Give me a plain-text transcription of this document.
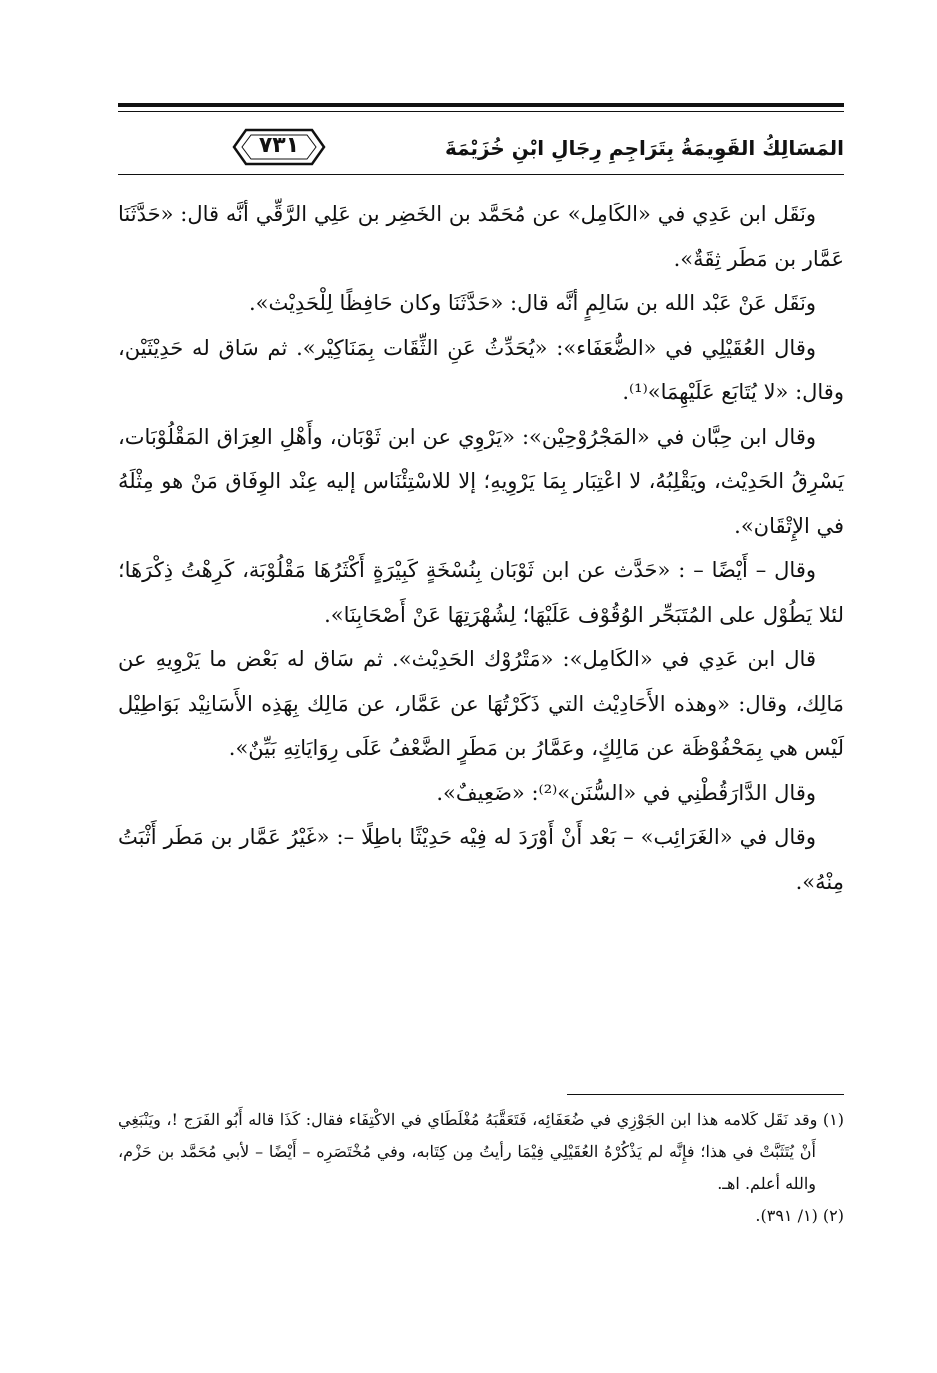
٧٣١	المَسَالِكُ القَوِيمَةُ بِتَرَاجِمِ رِجَالِ ابْنِ خُزَيْمَةَ

ونَقَل ابن عَدِي في «الكَامِل» عن مُحَمَّد بن الخَضِر بن عَلِي الرَّقِّي أنَّه قال: «حَدَّثَنَا عَمَّار بن مَطَر ثِقَةٌ».

ونَقَل عَنْ عَبْد الله بن سَالِمٍ أنَّه قال: «حَدَّثَنَا وكان حَافِظًا لِلْحَدِيْث».

وقال العُقَيْلِي في «الضُّعَفَاء»: «يُحَدِّثُ عَنِ الثِّقَات بِمَنَاكِيْر». ثم سَاق له حَدِيْثَيْن، وقال: «لا يُتَابَع عَلَيْهِمَا»⁽¹⁾.

وقال ابن حِبَّان في «المَجْرُوْحِيْن»: «يَرْوِي عن ابن ثَوْبَان، وأَهْلِ العِرَاق المَقْلُوْبَات، يَسْرِقُ الحَدِيْث، ويَقْلِبُهُ، لا اعْتِبَار بِمَا يَرْوِيهِ؛ إلا للاسْتِئْنَاس إليه عِنْد الوِفَاق مَنْ هو مِثْلَهُ في الإِتْقَان».

وقال – أَيْضًا – : «حَدَّث عن ابن ثَوْبَان بِنُسْخَةٍ كَبِيْرَةٍ أَكْثَرُهَا مَقْلُوْبَة، كَرِهْتُ ذِكْرَهَا؛ لئلا يَطُوْل على المُتَبَحِّر الوُقُوْف عَلَيْهَا؛ لِشُهْرَتِهَا عَنْ أَصْحَابِنَا».

قال ابن عَدِي في «الكَامِل»: «مَتْرُوْك الحَدِيْث». ثم سَاق له بَعْض ما يَرْوِيهِ عن مَالِك، وقال: «وهذه الأَحَادِيْث التي ذَكَرْتُهَا عن عَمَّار، عن مَالِك بِهَذِه الأَسَانِيْد بَوَاطِيْل لَيْس هي بِمَحْفُوْظَة عن مَالِكٍ، وعَمَّارُ بن مَطَرٍ الضَّعْفُ عَلَى رِوَايَاتِهِ بَيِّنٌ».

وقال الدَّارَقُطْنِي في «السُّنَن»⁽²⁾: «ضَعِيفٌ».

وقال في «الغَرَائِب» – بَعْد أَنْ أَوْرَدَ له فِيْه حَدِيْثًا باطِلًا –: «غَيْرُ عَمَّار بن مَطَر أَثْبَتُ مِنْهُ».

(١) وقد نَقَل كَلامه هذا ابن الجَوْزِي في ضُعَفَائِه، فَتَعَقَّبَهُ مُغْلَطَاي في الاكْتِفَاء فقال: كَذَا قاله أَبُو الفَرَج !، ويَنْبَغِي أَنْ يُتَثَبَّتْ في هذا؛ فإِنَّه لم يَذْكُرْهُ العُقَيْلِي فِيْمَا رأيتُ مِن كِتَابه، وفي مُخْتَصَرِه – أَيْضًا – لأبي مُحَمَّد بن حَزْم، والله أعلم. اهـ.

(٢) (١/ ٣٩١).
